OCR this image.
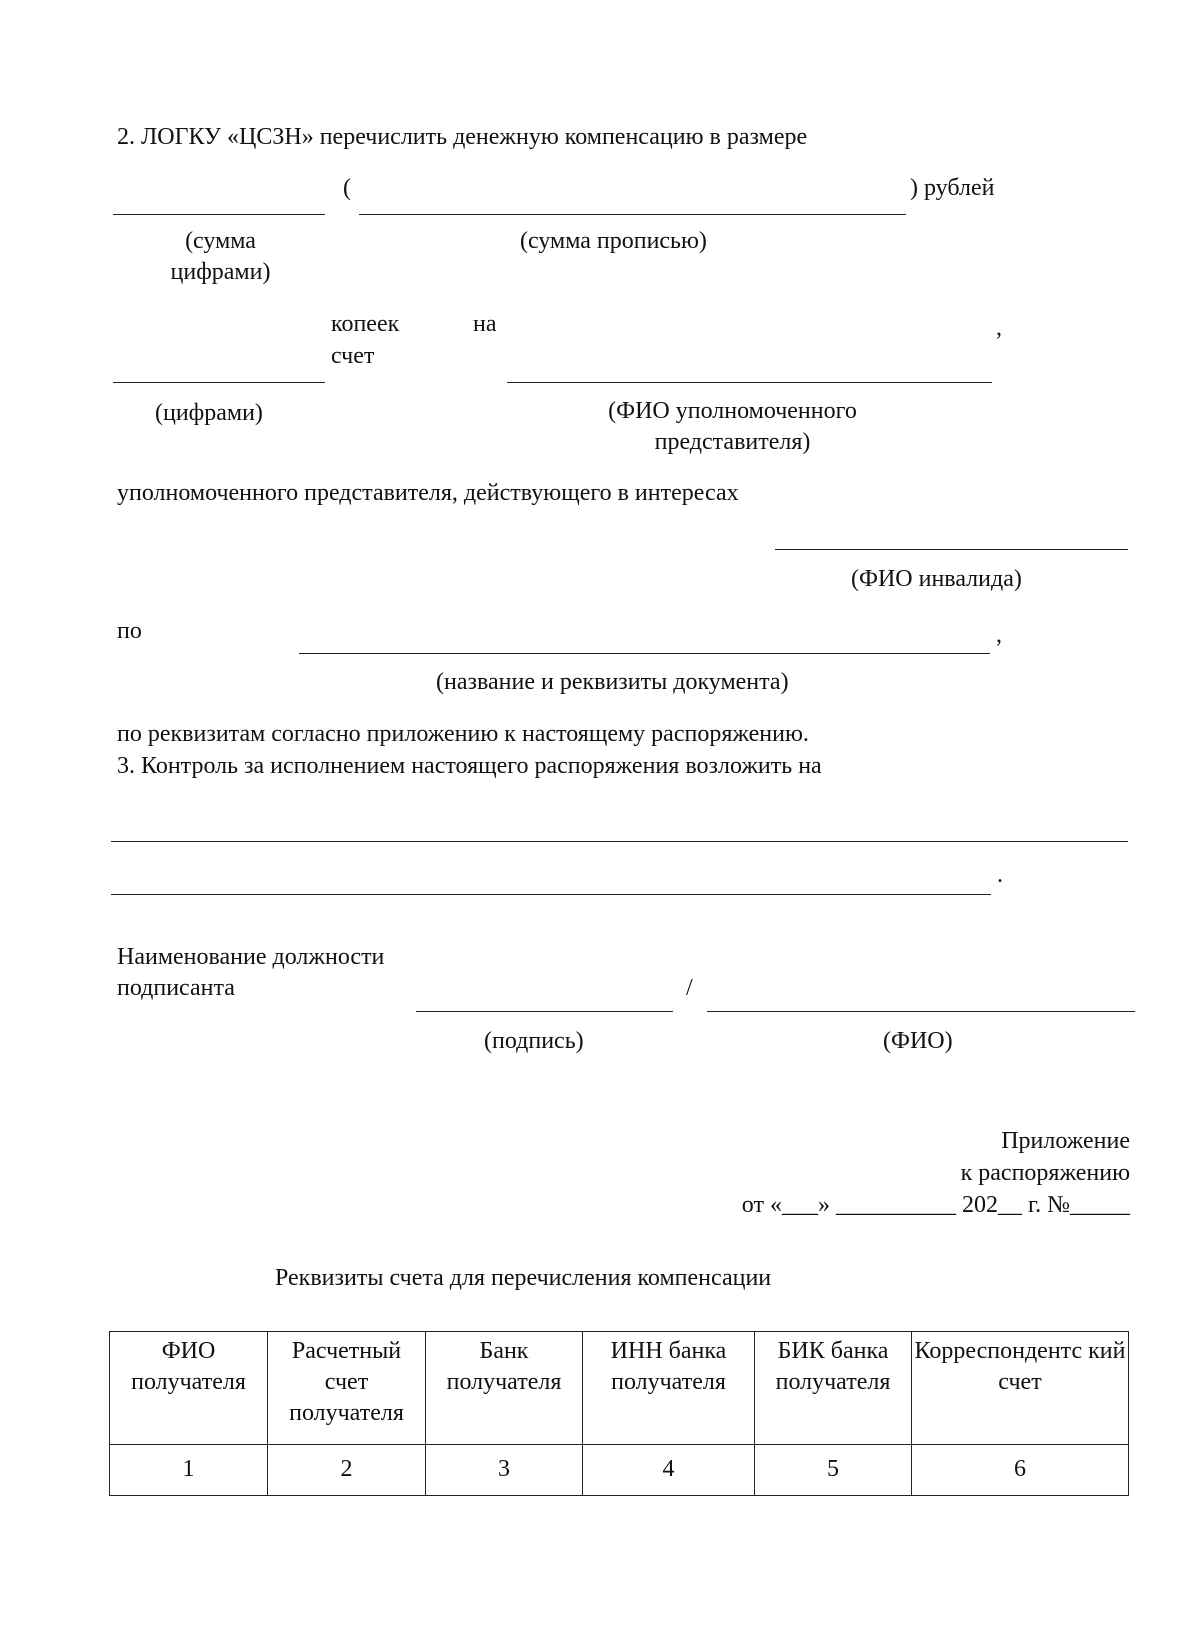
2. ЛОГКУ «ЦСЗН» перечислить денежную компенсацию в размере
(	) рублей
(сумма цифрами)
(сумма прописью)
копеек
счет
на	,
(цифрами)	(ФИО уполномоченного представителя)
уполномоченного представителя, действующего в интересах
(ФИО инвалида)
по	,
(название и реквизиты документа)
по реквизитам согласно приложению к настоящему распоряжению.
3. Контроль за исполнением настоящего распоряжения возложить на
.
Наименование должности подписанта	/
(подпись)	(ФИО)
Приложение
к распоряжению
от «___» __________ 202__ г. №_____
Реквизиты счета для перечисления компенсации
ФИО получателя	Расчетный счет получателя	Банк получателя	ИНН банка получателя	БИК банка получателя	Корреспондентс кий счет
1	2	3	4	5	6
